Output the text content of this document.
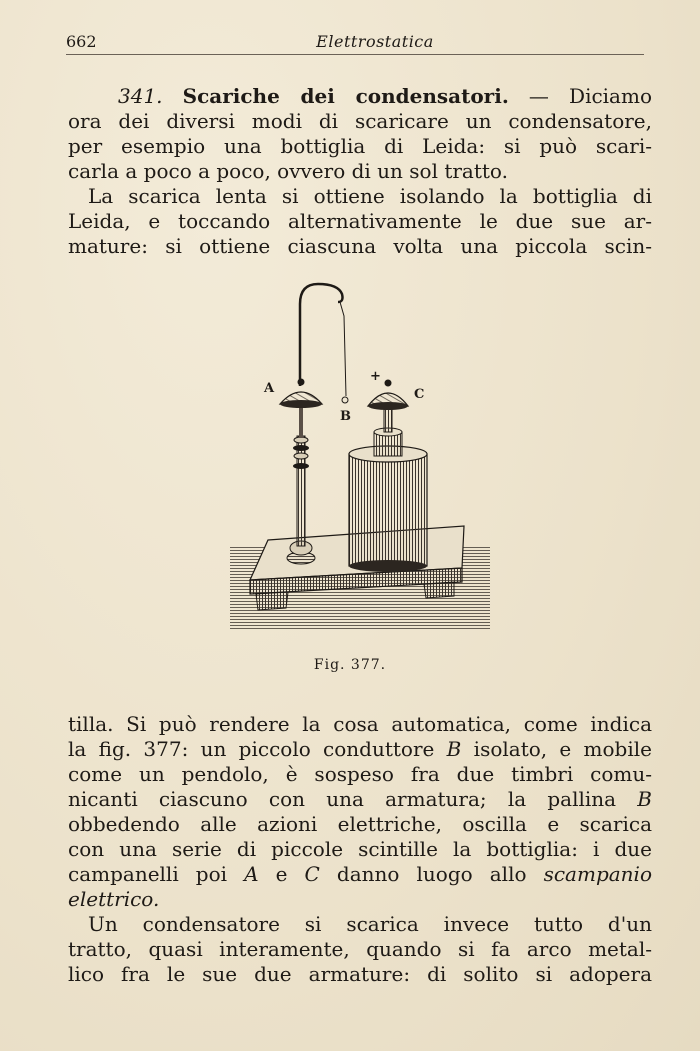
662	Elettrostatica
341. Scariche dei condensatori. — Diciamo
ora dei diversi modi di scaricare un condensatore,
per esempio una bottiglia di Leida: si può scari-
carla a poco a poco, ovvero di un sol tratto.
La scarica lenta si ottiene isolando la bottiglia di
Leida, e toccando alternativamente le due sue ar-
mature: si ottiene ciascuna volta una piccola scin-
A
B
C
+
Fig. 377.
tilla. Si può rendere la cosa automatica, come indica
la fig. 377: un piccolo conduttore B isolato, e mobile
come un pendolo, è sospeso fra due timbri comu-
nicanti ciascuno con una armatura; la pallina B
obbedendo alle azioni elettriche, oscilla e scarica
con una serie di piccole scintille la bottiglia: i due
campanelli poi A e C danno luogo allo scampanio
elettrico.
Un condensatore si scarica invece tutto d'un
tratto, quasi interamente, quando si fa arco metal-
lico fra le sue due armature: di solito si adopera
